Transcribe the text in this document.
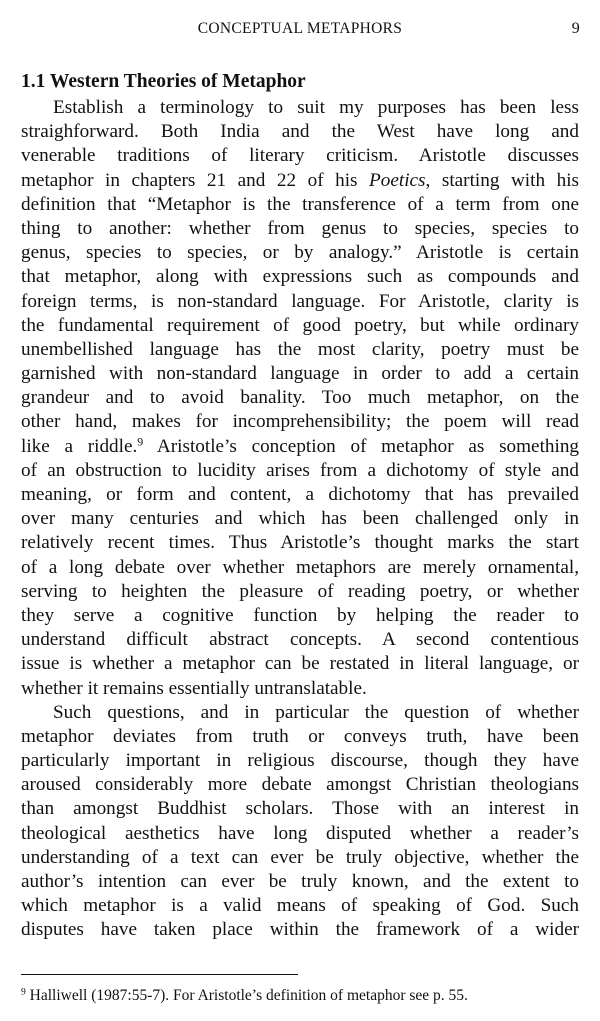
CONCEPTUAL METAPHORS	9
1.1 Western Theories of Metaphor
Establish a terminology to suit my purposes has been less
straighforward. Both India and the West have long and
venerable traditions of literary criticism. Aristotle discusses
metaphor in chapters 21 and 22 of his Poetics, starting with his
definition that “Metaphor is the transference of a term from one
thing to another: whether from genus to species, species to
genus, species to species, or by analogy.” Aristotle is certain
that metaphor, along with expressions such as compounds and
foreign terms, is non-standard language. For Aristotle, clarity is
the fundamental requirement of good poetry, but while ordinary
unembellished language has the most clarity, poetry must be
garnished with non-standard language in order to add a certain
grandeur and to avoid banality. Too much metaphor, on the
other hand, makes for incomprehensibility; the poem will read
like a riddle.$^9$ Aristotle’s conception of metaphor as something
of an obstruction to lucidity arises from a dichotomy of style and
meaning, or form and content, a dichotomy that has prevailed
over many centuries and which has been challenged only in
relatively recent times. Thus Aristotle’s thought marks the start
of a long debate over whether metaphors are merely ornamental,
serving to heighten the pleasure of reading poetry, or whether
they serve a cognitive function by helping the reader to
understand difficult abstract concepts. A second contentious
issue is whether a metaphor can be restated in literal language, or
whether it remains essentially untranslatable.
Such questions, and in particular the question of whether
metaphor deviates from truth or conveys truth, have been
particularly important in religious discourse, though they have
aroused considerably more debate amongst Christian theologians
than amongst Buddhist scholars. Those with an interest in
theological aesthetics have long disputed whether a reader’s
understanding of a text can ever be truly objective, whether the
author’s intention can ever be truly known, and the extent to
which metaphor is a valid means of speaking of God. Such
disputes have taken place within the framework of a wider
$^9$ Halliwell (1987:55-7). For Aristotle’s definition of metaphor see p. 55.
